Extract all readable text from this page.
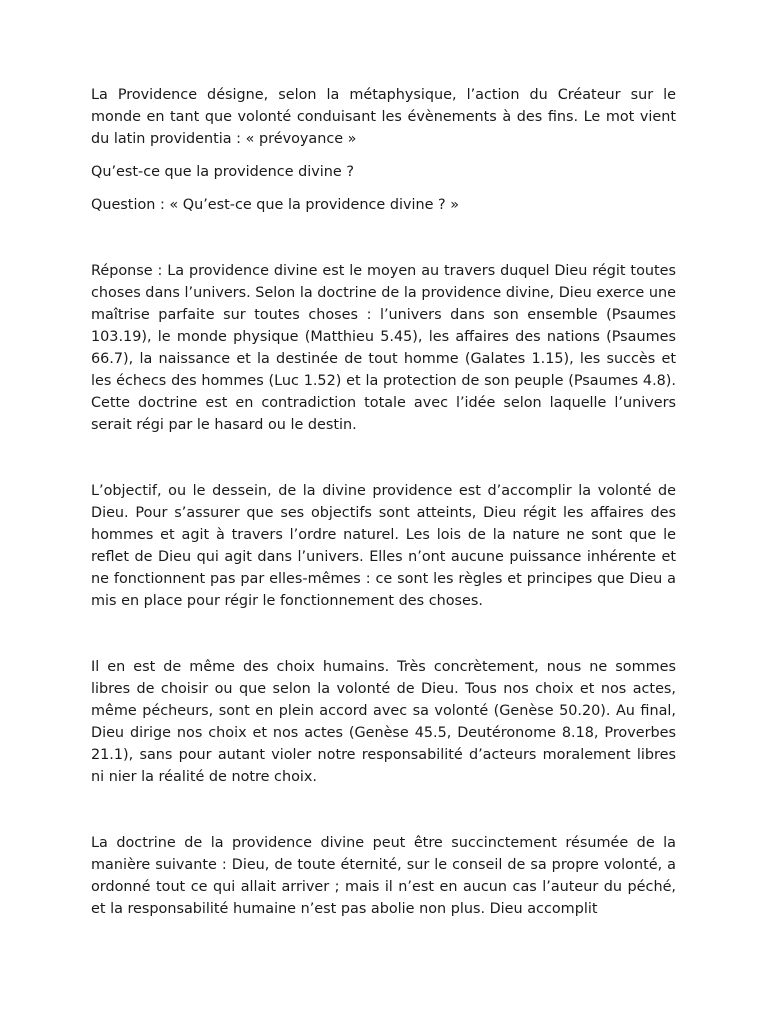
La Providence désigne, selon la métaphysique, l’action du Créateur sur le monde en tant que volonté conduisant les évènements à des fins. Le mot vient du latin providentia : « prévoyance »

Qu’est-ce que la providence divine ?

Question : « Qu’est-ce que la providence divine ? »

Réponse : La providence divine est le moyen au travers duquel Dieu régit toutes choses dans l’univers. Selon la doctrine de la providence divine, Dieu exerce une maîtrise parfaite sur toutes choses : l’univers dans son ensemble (Psaumes 103.19), le monde physique (Matthieu 5.45), les affaires des nations (Psaumes 66.7), la naissance et la destinée de tout homme (Galates 1.15), les succès et les échecs des hommes (Luc 1.52) et la protection de son peuple (Psaumes 4.8). Cette doctrine est en contradiction totale avec l’idée selon laquelle l’univers serait régi par le hasard ou le destin.

L’objectif, ou le dessein, de la divine providence est d’accomplir la volonté de Dieu. Pour s’assurer que ses objectifs sont atteints, Dieu régit les affaires des hommes et agit à travers l’ordre naturel. Les lois de la nature ne sont que le reflet de Dieu qui agit dans l’univers. Elles n’ont aucune puissance inhérente et ne fonctionnent pas par elles-mêmes : ce sont les règles et principes que Dieu a mis en place pour régir le fonctionnement des choses.

Il en est de même des choix humains. Très concrètement, nous ne sommes libres de choisir ou que selon la volonté de Dieu. Tous nos choix et nos actes, même pécheurs, sont en plein accord avec sa volonté (Genèse 50.20). Au final, Dieu dirige nos choix et nos actes (Genèse 45.5, Deutéronome 8.18, Proverbes 21.1), sans pour autant violer notre responsabilité d’acteurs moralement libres ni nier la réalité de notre choix.

La doctrine de la providence divine peut être succinctement résumée de la manière suivante : Dieu, de toute éternité, sur le conseil de sa propre volonté, a ordonné tout ce qui allait arriver ; mais il n’est en aucun cas l’auteur du péché, et la responsabilité humaine n’est pas abolie non plus. Dieu accomplit
